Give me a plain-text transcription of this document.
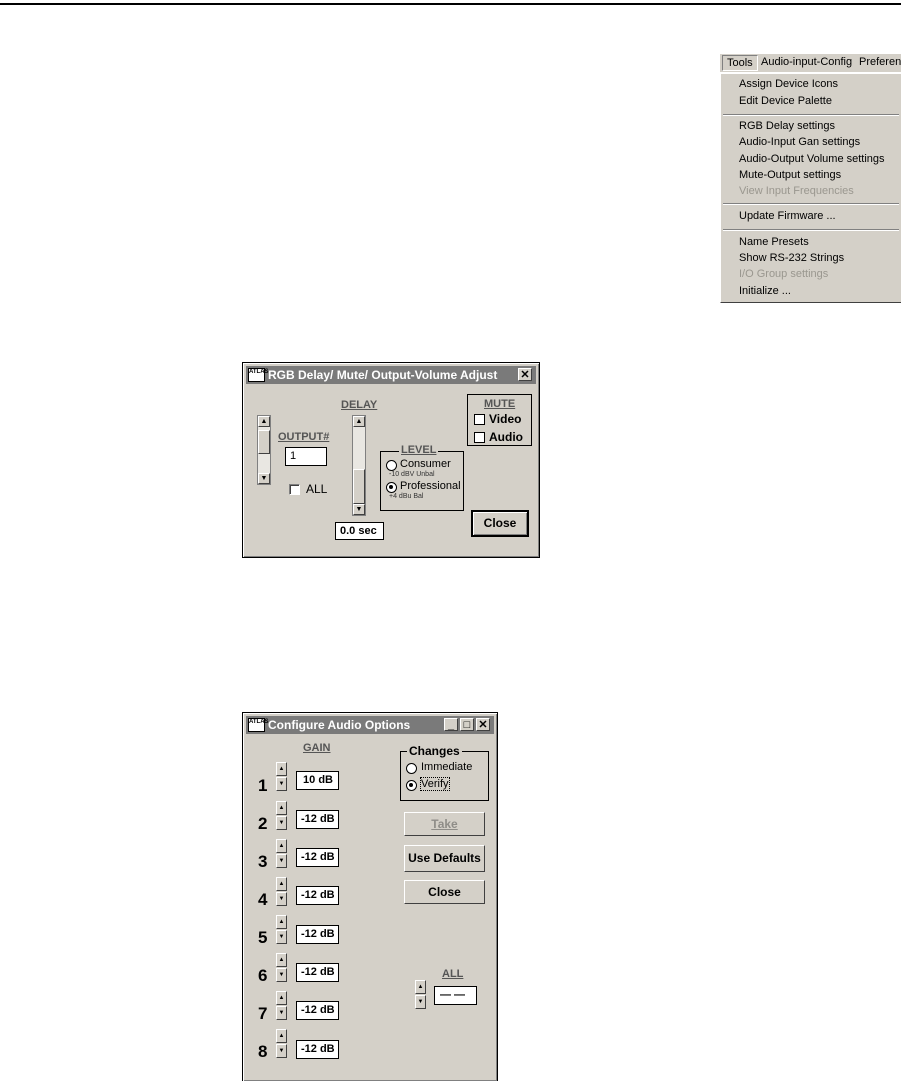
Tools Audio-input-Config Preferen
Assign Device Icons
Edit Device Palette
RGB Delay settings
Audio-Input Gan settings
Audio-Output Volume settings
Mute-Output settings
View Input Frequencies
Update Firmware ...
Name Presets
Show RS-232 Strings
I/O Group settings
Initialize ...
ATLAS RGB Delay/ Mute/ Output-Volume Adjust ✕
▲
▼
OUTPUT#
1
ALL
DELAY
▲
▼
0.0 sec
LEVEL
Consumer
-10 dBV Unbal
Professional
+4 dBu Bal
MUTE
Video
Audio
Close
ATLAS Configure Audio Options	_ □ ✕
GAIN
1
▲
▼	10 dB
2
▲
▼	-12 dB
3
▲
▼	-12 dB
4
▲
▼	-12 dB
5
▲
▼	-12 dB
6
▲
▼	-12 dB
7
▲
▼	-12 dB
8
▲
▼	-12 dB
Changes
Immediate
Verify
Take
Use Defaults
Close
ALL
▲
▼
— —
